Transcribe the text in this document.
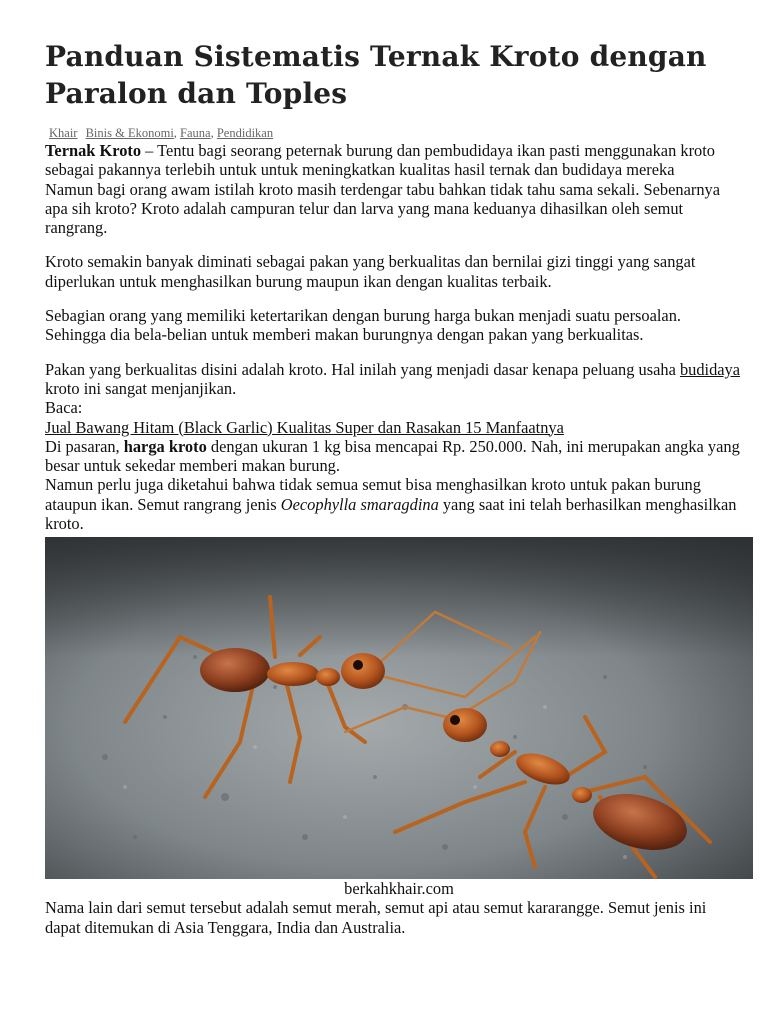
Panduan Sistematis Ternak Kroto dengan Paralon dan Toples
Khair Binis & Ekonomi, Fauna, Pendidikan

Ternak Kroto – Tentu bagi seorang peternak burung dan pembudidaya ikan pasti menggunakan kroto sebagai pakannya terlebih untuk untuk meningkatkan kualitas hasil ternak dan budidaya mereka

Namun bagi orang awam istilah kroto masih terdengar tabu bahkan tidak tahu sama sekali. Sebenarnya apa sih kroto? Kroto adalah campuran telur dan larva yang mana keduanya dihasilkan oleh semut rangrang.

Kroto semakin banyak diminati sebagai pakan yang berkualitas dan bernilai gizi tinggi yang sangat diperlukan untuk menghasilkan burung maupun ikan dengan kualitas terbaik.

Sebagian orang yang memiliki ketertarikan dengan burung harga bukan menjadi suatu persoalan. Sehingga dia bela-belian untuk memberi makan burungnya dengan pakan yang berkualitas.

Pakan yang berkualitas disini adalah kroto. Hal inilah yang menjadi dasar kenapa peluang usaha budidaya kroto ini sangat menjanjikan.

Baca:

Jual Bawang Hitam (Black Garlic) Kualitas Super dan Rasakan 15 Manfaatnya

Di pasaran, harga kroto dengan ukuran 1 kg bisa mencapai Rp. 250.000. Nah, ini merupakan angka yang besar untuk sekedar memberi makan burung.

Namun perlu juga diketahui bahwa tidak semua semut bisa menghasilkan kroto untuk pakan burung ataupun ikan. Semut rangrang jenis Oecophylla smaragdina yang saat ini telah berhasilkan menghasilkan kroto.

berkahkhair.com

Nama lain dari semut tersebut adalah semut merah, semut api atau semut kararangge. Semut jenis ini dapat ditemukan di Asia Tenggara, India dan Australia.
